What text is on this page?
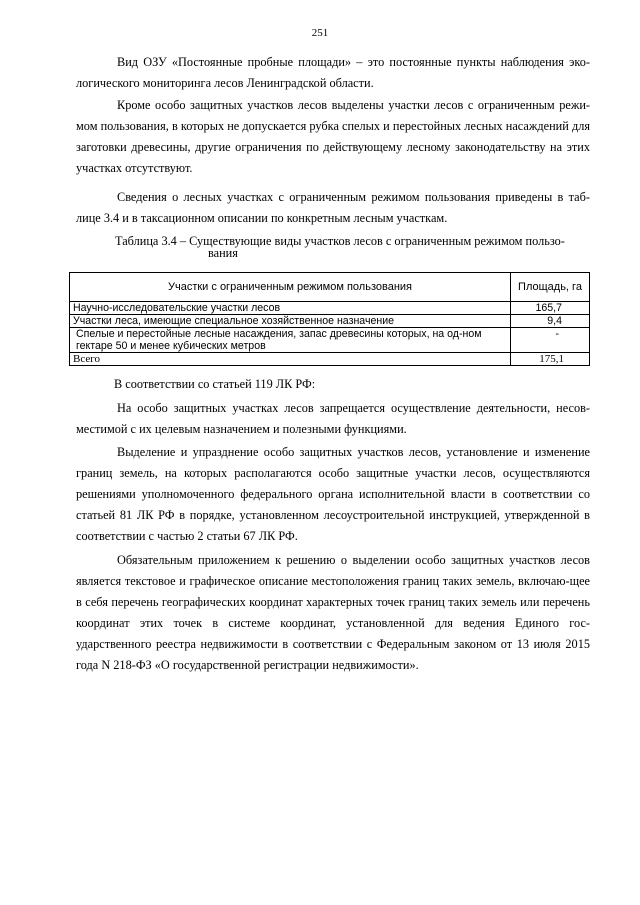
251

Вид ОЗУ «Постоянные пробные площади» – это постоянные пункты наблюдения эко-логического мониторинга лесов Ленинградской области.

Кроме особо защитных участков лесов выделены участки лесов с ограниченным режи-мом пользования, в которых не допускается рубка спелых и перестойных лесных насаждений для заготовки древесины, другие ограничения по действующему лесному законодательству на этих участках отсутствуют.

Сведения о лесных участках с ограниченным режимом пользования приведены в таб-лице 3.4 и в таксационном описании по конкретным лесным участкам.

Таблица 3.4 – Существующие виды участков лесов с ограниченным режимом пользо-
вания
Участки с ограниченным режимом пользования	Площадь, га
Научно-исследовательские участки лесов	165,7
Участки леса, имеющие специальное хозяйственное назначение	9,4
Спелые и перестойные лесные насаждения, запас древесины которых, на од-ном гектаре 50 и менее кубических метров	-
Всего	175,1

В соответствии со статьей 119 ЛК РФ:

На особо защитных участках лесов запрещается осуществление деятельности, несов-местимой с их целевым назначением и полезными функциями.

Выделение и упразднение особо защитных участков лесов, установление и изменение границ земель, на которых располагаются особо защитные участки лесов, осуществляются решениями уполномоченного федерального органа исполнительной власти в соответствии со статьей 81 ЛК РФ в порядке, установленном лесоустроительной инструкцией, утвержденной в соответствии с частью 2 статьи 67 ЛК РФ.

Обязательным приложением к решению о выделении особо защитных участков лесов является текстовое и графическое описание местоположения границ таких земель, включаю-щее в себя перечень географических координат характерных точек границ таких земель или перечень координат этих точек в системе координат, установленной для ведения Единого гос-ударственного реестра недвижимости в соответствии с Федеральным законом от 13 июля 2015 года N 218-ФЗ «О государственной регистрации недвижимости».
